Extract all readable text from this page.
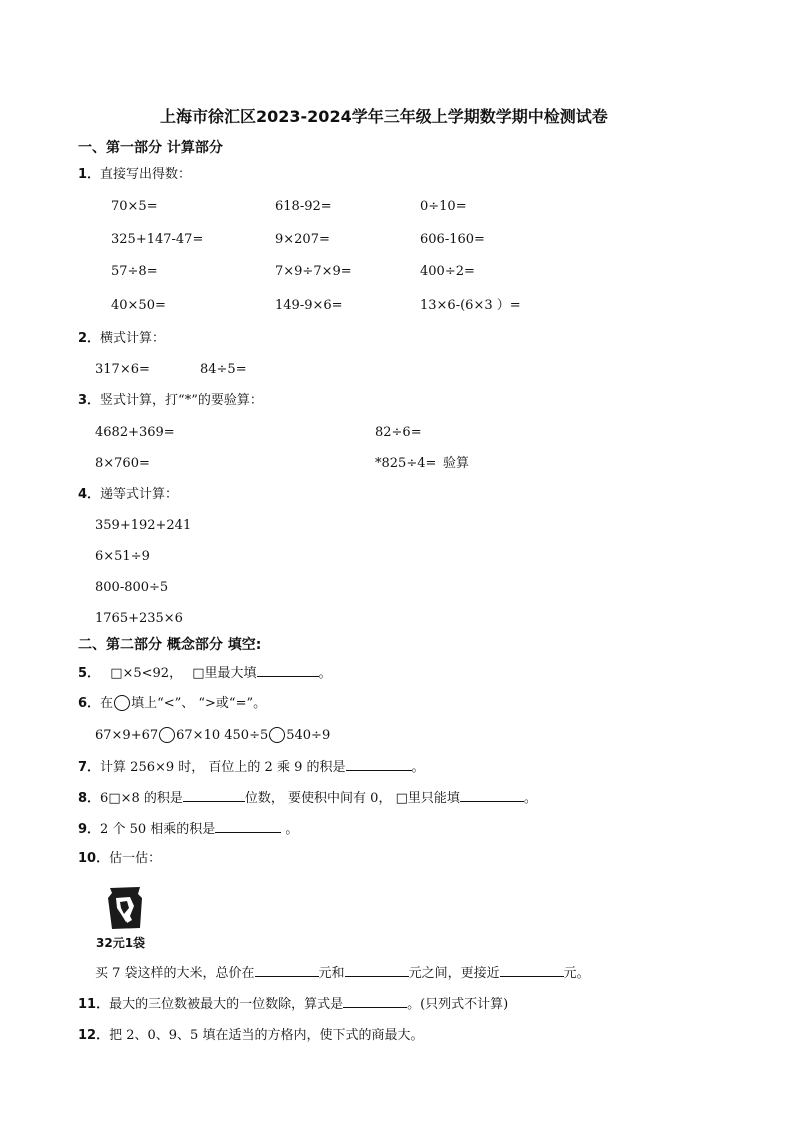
上海市徐汇区2023-2024学年三年级上学期数学期中检测试卷
一、第一部分 计算部分
1．直接写出得数：
70×5=	618-92=	0÷10=
325+147-47=	9×207=	606-160=
57÷8=	7×9÷7×9=	400÷2=
40×50=	149-9×6=	13×6-(6×3 ）=
2．横式计算：
317×6=	84÷5=
3．竖式计算，打“*”的要验算：
4682+369=	82÷6=
8×760=	*825÷4= 验算
4．递等式计算：
359+192+241
6×51÷9
800-800÷5
1765+235×6
二、第二部分 概念部分 填空:
5． □×5<92， □里最大填	。
6．在 填上“<”、 “>或“=”。
67×9+67 67×10 450÷5 540÷9
7．计算 256×9 时， 百位上的 2 乘 9 的积是	。
8．6□×8 的积是	位数， 要使积中间有 0， □里只能填	。
9．2 个 50 相乘的积是	。
10．估一估：
32元1袋
买 7 袋这样的大米，总价在	元和	元之间，更接近	元。
11．最大的三位数被最大的一位数除，算式是	。(只列式不计算)
12．把 2、0、9、5 填在适当的方格内，使下式的商最大。
